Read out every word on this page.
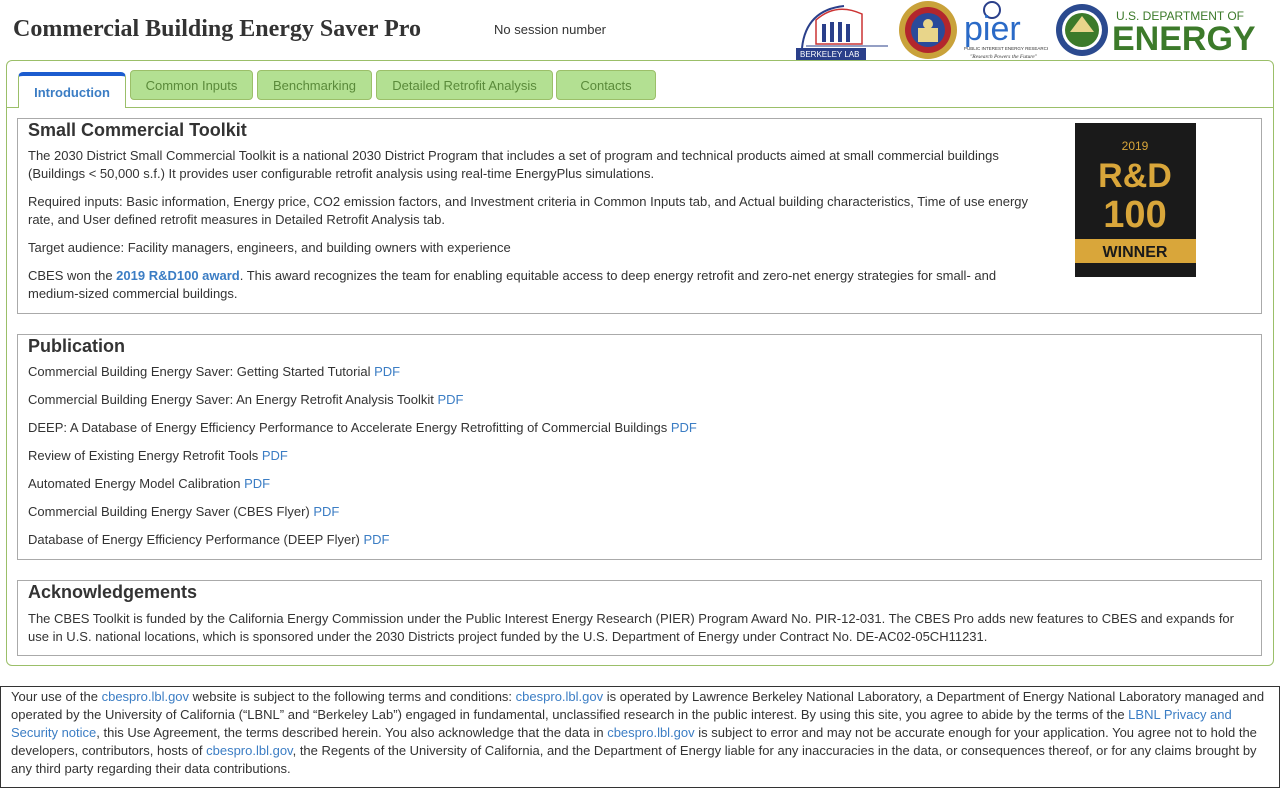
Commercial Building Energy Saver Pro	No session number
BERKELEY LAB
pier
PUBLIC INTEREST ENERGY RESEARCH
"Research Powers the Future"
U.S. DEPARTMENT OF
ENERGY
Introduction	Common Inputs	Benchmarking	Detailed Retrofit Analysis	Contacts
Small Commercial Toolkit
The 2030 District Small Commercial Toolkit is a national 2030 District Program that includes a set of program and technical products aimed at small commercial buildings (Buildings < 50,000 s.f.) It provides user configurable retrofit analysis using real-time EnergyPlus simulations.
Required inputs: Basic information, Energy price, CO2 emission factors, and Investment criteria in Common Inputs tab, and Actual building characteristics, Time of use energy rate, and User defined retrofit measures in Detailed Retrofit Analysis tab.
Target audience: Facility managers, engineers, and building owners with experience
CBES won the 2019 R&D100 award. This award recognizes the team for enabling equitable access to deep energy retrofit and zero-net energy strategies for small- and medium-sized commercial buildings.
2019
R&D
100
WINNER
Publication
Commercial Building Energy Saver: Getting Started Tutorial PDF
Commercial Building Energy Saver: An Energy Retrofit Analysis Toolkit PDF
DEEP: A Database of Energy Efficiency Performance to Accelerate Energy Retrofitting of Commercial Buildings PDF
Review of Existing Energy Retrofit Tools PDF
Automated Energy Model Calibration PDF
Commercial Building Energy Saver (CBES Flyer) PDF
Database of Energy Efficiency Performance (DEEP Flyer) PDF
Acknowledgements
The CBES Toolkit is funded by the California Energy Commission under the Public Interest Energy Research (PIER) Program Award No. PIR-12-031. The CBES Pro adds new features to CBES and expands for use in U.S. national locations, which is sponsored under the 2030 Districts project funded by the U.S. Department of Energy under Contract No. DE-AC02-05CH11231.
Your use of the cbespro.lbl.gov website is subject to the following terms and conditions: cbespro.lbl.gov is operated by Lawrence Berkeley National Laboratory, a Department of Energy National Laboratory managed and operated by the University of California (“LBNL” and “Berkeley Lab”) engaged in fundamental, unclassified research in the public interest. By using this site, you agree to abide by the terms of the LBNL Privacy and Security notice, this Use Agreement, the terms described herein. You also acknowledge that the data in cbespro.lbl.gov is subject to error and may not be accurate enough for your application. You agree not to hold the developers, contributors, hosts of cbespro.lbl.gov, the Regents of the University of California, and the Department of Energy liable for any inaccuracies in the data, or consequences thereof, or for any claims brought by any third party regarding their data contributions.
